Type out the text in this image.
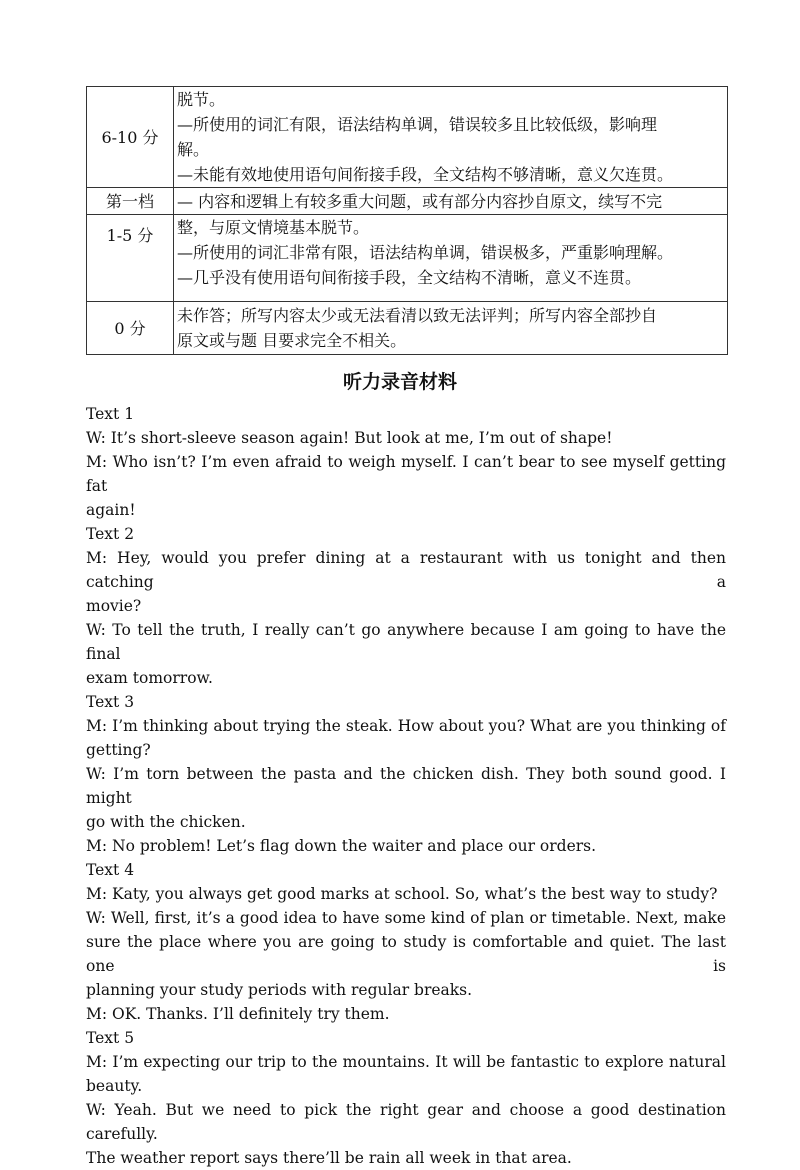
6-10 分	脱节。
—所使用的词汇有限，语法结构单调，错误较多且比较低级，影响理
解。
—未能有效地使用语句间衔接手段，全文结构不够清晰，意义欠连贯。

第一档	— 内容和逻辑上有较多重大问题，或有部分内容抄自原文，续写不完

1-5 分	整，与原文情境基本脱节。
—所使用的词汇非常有限，语法结构单调，错误极多，严重影响理解。
—几乎没有使用语句间衔接手段，全文结构不清晰，意义不连贯。

0 分	未作答；所写内容太少或无法看清以致无法评判；所写内容全部抄自
原文或与题 目要求完全不相关。
听力录音材料

Text 1

W: It’s short-sleeve season again! But look at me, I’m out of shape!

M: Who isn’t? I’m even afraid to weigh myself. I can’t bear to see myself getting fat

again!

Text 2

M: Hey, would you prefer dining at a restaurant with us tonight and then catching a

movie?

W: To tell the truth, I really can’t go anywhere because I am going to have the final

exam tomorrow.

Text 3

M: I’m thinking about trying the steak. How about you? What are you thinking of

getting?

W: I’m torn between the pasta and the chicken dish. They both sound good. I might

go with the chicken.

M: No problem! Let’s flag down the waiter and place our orders.

Text 4

M: Katy, you always get good marks at school. So, what’s the best way to study?

W: Well, first, it’s a good idea to have some kind of plan or timetable. Next, make

sure the place where you are going to study is comfortable and quiet. The last one is

planning your study periods with regular breaks.

M: OK. Thanks. I’ll definitely try them.

Text 5

M: I’m expecting our trip to the mountains. It will be fantastic to explore natural

beauty.

W: Yeah. But we need to pick the right gear and choose a good destination carefully.

The weather report says there’ll be rain all week in that area.
